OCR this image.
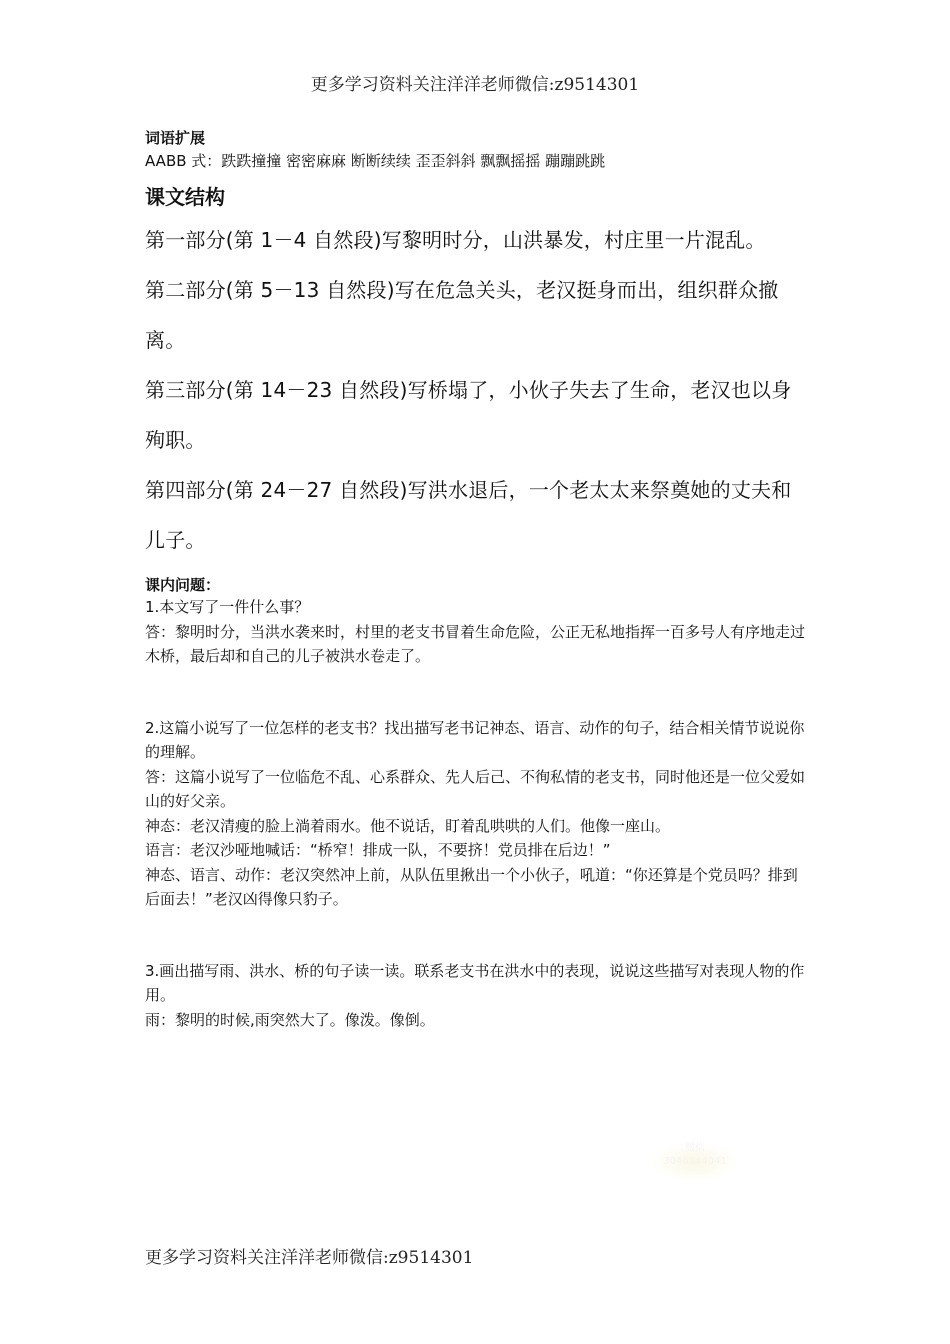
更多学习资料关注洋洋老师微信:z9514301

词语扩展

AABB 式：跌跌撞撞 密密麻麻 断断续续 歪歪斜斜 飘飘摇摇 蹦蹦跳跳

课文结构

第一部分(第 1－4 自然段)写黎明时分，山洪暴发，村庄里一片混乱。

第二部分(第 5－13 自然段)写在危急关头，老汉挺身而出，组织群众撤离。

第三部分(第 14－23 自然段)写桥塌了，小伙子失去了生命，老汉也以身殉职。

第四部分(第 24－27 自然段)写洪水退后，一个老太太来祭奠她的丈夫和儿子。

课内问题：

1.本文写了一件什么事？

答：黎明时分，当洪水袭来时，村里的老支书冒着生命危险，公正无私地指挥一百多号人有序地走过木桥，最后却和自己的儿子被洪水卷走了。

2.这篇小说写了一位怎样的老支书？找出描写老书记神态、语言、动作的句子，结合相关情节说说你的理解。

答：这篇小说写了一位临危不乱、心系群众、先人后己、不徇私情的老支书，同时他还是一位父爱如山的好父亲。

神态：老汉清瘦的脸上淌着雨水。他不说话，盯着乱哄哄的人们。他像一座山。

语言：老汉沙哑地喊话：“桥窄！排成一队，不要挤！党员排在后边！”

神态、语言、动作：老汉突然冲上前，从队伍里揪出一个小伙子，吼道：“你还算是个党员吗？排到后面去！”老汉凶得像只豹子。

3.画出描写雨、洪水、桥的句子读一读。联系老支书在洪水中的表现，说说这些描写对表现人物的作用。

雨：黎明的时候,雨突然大了。像泼。像倒。

微信
3046344041
更多学习资料关注洋洋老师微信:z9514301
